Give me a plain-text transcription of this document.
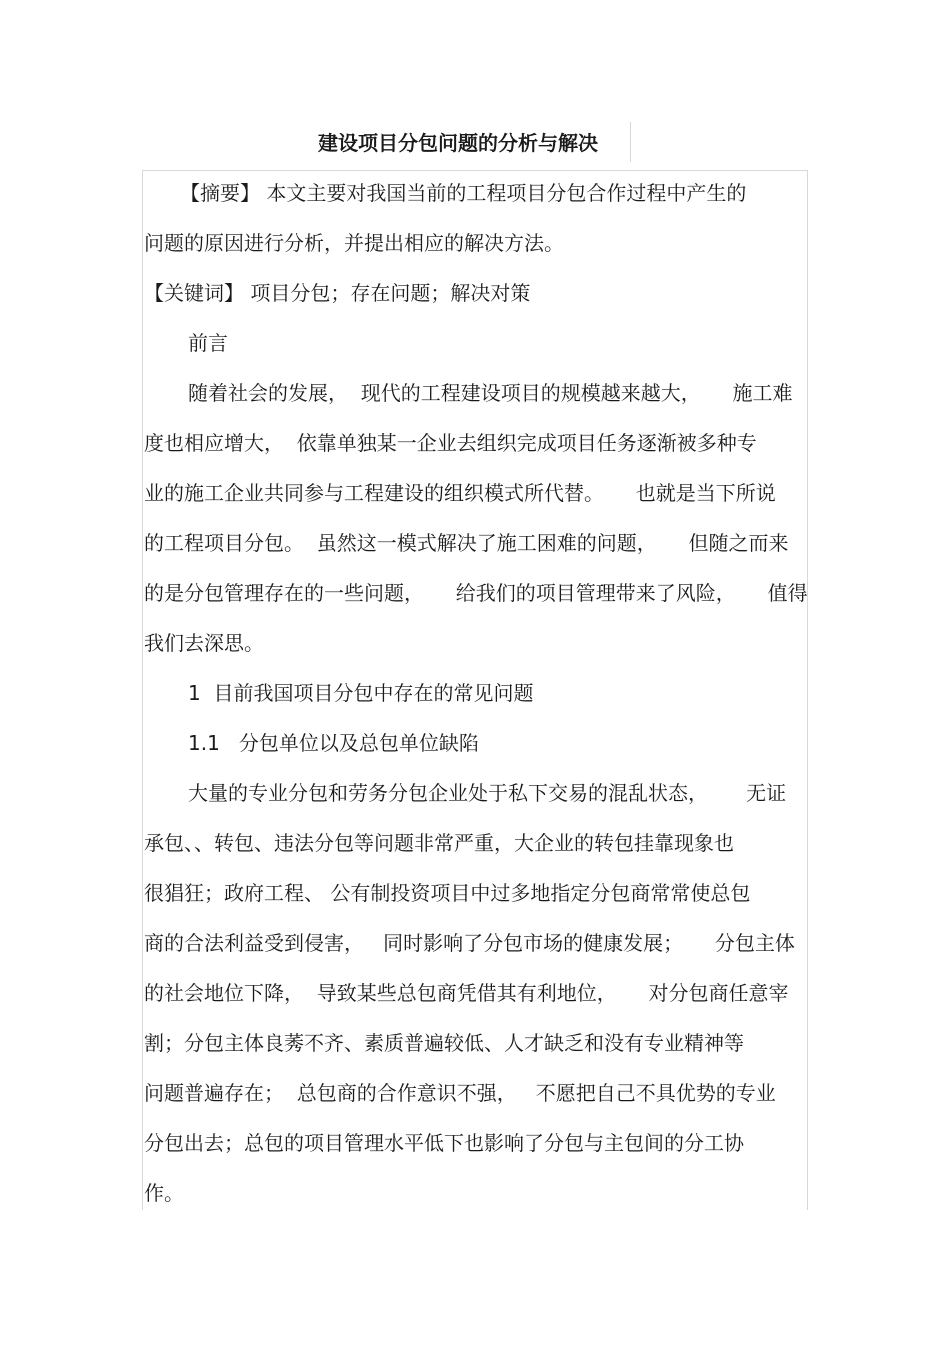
建设项目分包问题的分析与解决

【摘要】 本文主要对我国当前的工程项目分包合作过程中产生的

问题的原因进行分析，并提出相应的解决方法。

【关键词】 项目分包；存在问题；解决对策

前言

随着社会的发展，  现代的工程建设项目的规模越来越大，     施工难

度也相应增大，  依靠单独某一企业去组织完成项目任务逐渐被多种专

业的施工企业共同参与工程建设的组织模式所代替。     也就是当下所说

的工程项目分包。  虽然这一模式解决了施工困难的问题，     但随之而来

的是分包管理存在的一些问题，     给我们的项目管理带来了风险，     值得

我们去深思。

1  目前我国项目分包中存在的常见问题

1.1   分包单位以及总包单位缺陷

大量的专业分包和劳务分包企业处于私下交易的混乱状态，      无证

承包、、转包、违法分包等问题非常严重，大企业的转包挂靠现象也

很猖狂；政府工程、 公有制投资项目中过多地指定分包商常常使总包

商的合法利益受到侵害，   同时影响了分包市场的健康发展；     分包主体

的社会地位下降，  导致某些总包商凭借其有利地位，     对分包商任意宰

割；分包主体良莠不齐、素质普遍较低、人才缺乏和没有专业精神等

问题普遍存在；  总包商的合作意识不强，   不愿把自己不具优势的专业

分包出去；总包的项目管理水平低下也影响了分包与主包间的分工协

作。
